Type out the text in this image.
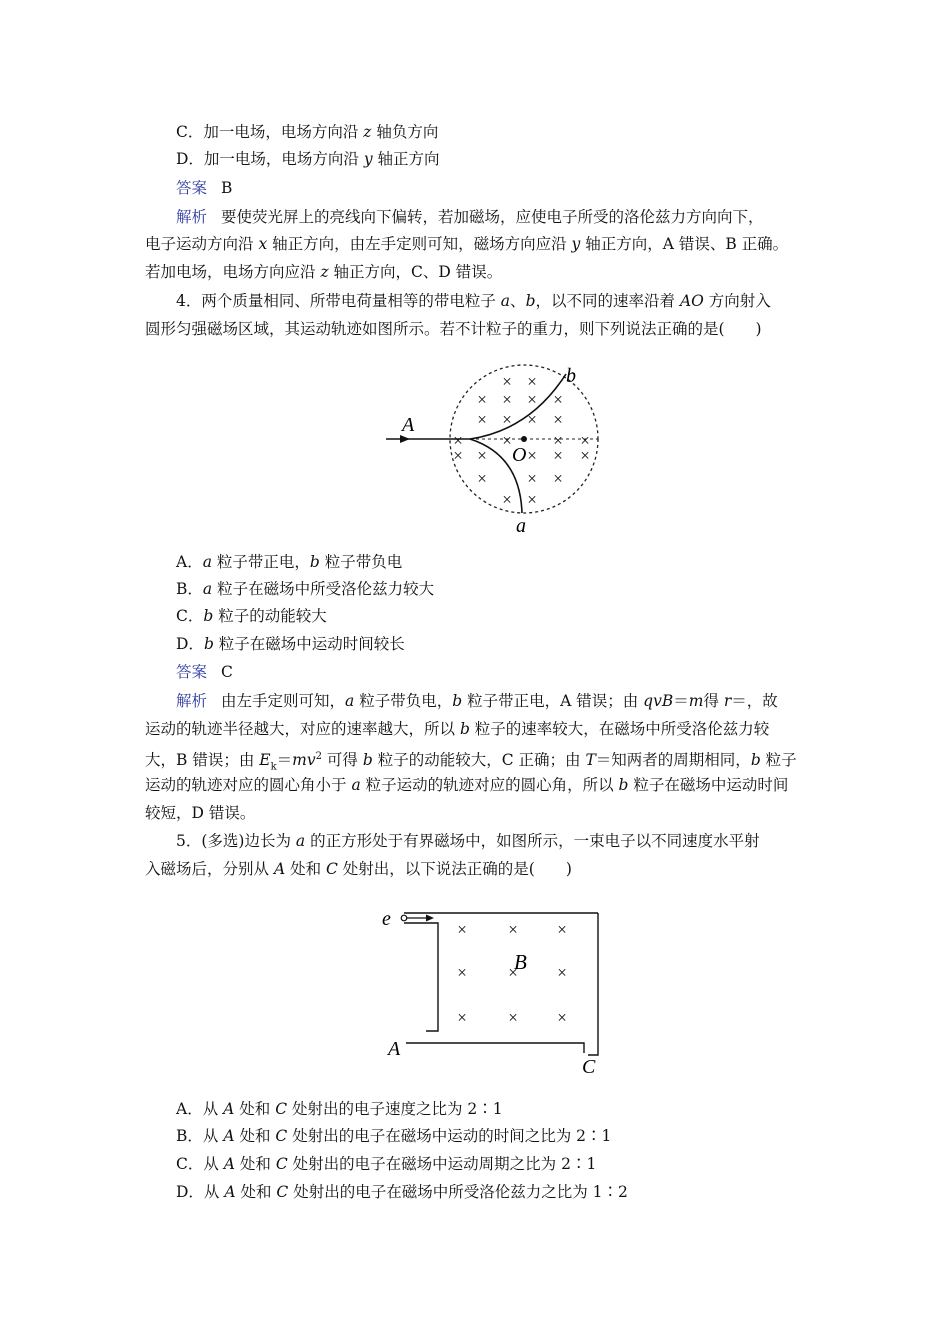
C．加一电场，电场方向沿 z 轴负方向
D．加一电场，电场方向沿 y 轴正方向
答案 B
解析 要使荧光屏上的亮线向下偏转，若加磁场，应使电子所受的洛伦兹力方向向下，
电子运动方向沿 x 轴正方向，由左手定则可知，磁场方向应沿 y 轴正方向，A 错误、B 正确。
若加电场，电场方向应沿 z 轴正方向，C、D 错误。
4．两个质量相同、所带电荷量相等的带电粒子 a、b，以不同的速率沿着 AO 方向射入
圆形匀强磁场区域，其运动轨迹如图所示。若不计粒子的重力，则下列说法正确的是(　　)
× ×
× × × ×
× × × ×
× × × ×
× × × × ×
× × ×
× ×
A
O
b
a
A．a 粒子带正电，b 粒子带负电
B．a 粒子在磁场中所受洛伦兹力较大
C．b 粒子的动能较大
D．b 粒子在磁场中运动时间较长
答案 C
解析 由左手定则可知，a 粒子带负电，b 粒子带正电，A 错误；由 qvB＝m得 r＝，故
运动的轨迹半径越大，对应的速率越大，所以 b 粒子的速率较大，在磁场中所受洛伦兹力较
大，B 错误；由 $E_k=mv^2$ 可得 b 粒子的动能较大，C 正确；由 T＝知两者的周期相同，b 粒子
运动的轨迹对应的圆心角小于 a 粒子运动的轨迹对应的圆心角，所以 b 粒子在磁场中运动时间
较短，D 错误。
5．(多选)边长为 a 的正方形处于有界磁场中，如图所示，一束电子以不同速度水平射
入磁场后，分别从 A 处和 C 处射出，以下说法正确的是(　　)
× × ×
× × ×
× × ×
e
B
A
C
A．从 A 处和 C 处射出的电子速度之比为 2∶1
B．从 A 处和 C 处射出的电子在磁场中运动的时间之比为 2∶1
C．从 A 处和 C 处射出的电子在磁场中运动周期之比为 2∶1
D．从 A 处和 C 处射出的电子在磁场中所受洛伦兹力之比为 1∶2
